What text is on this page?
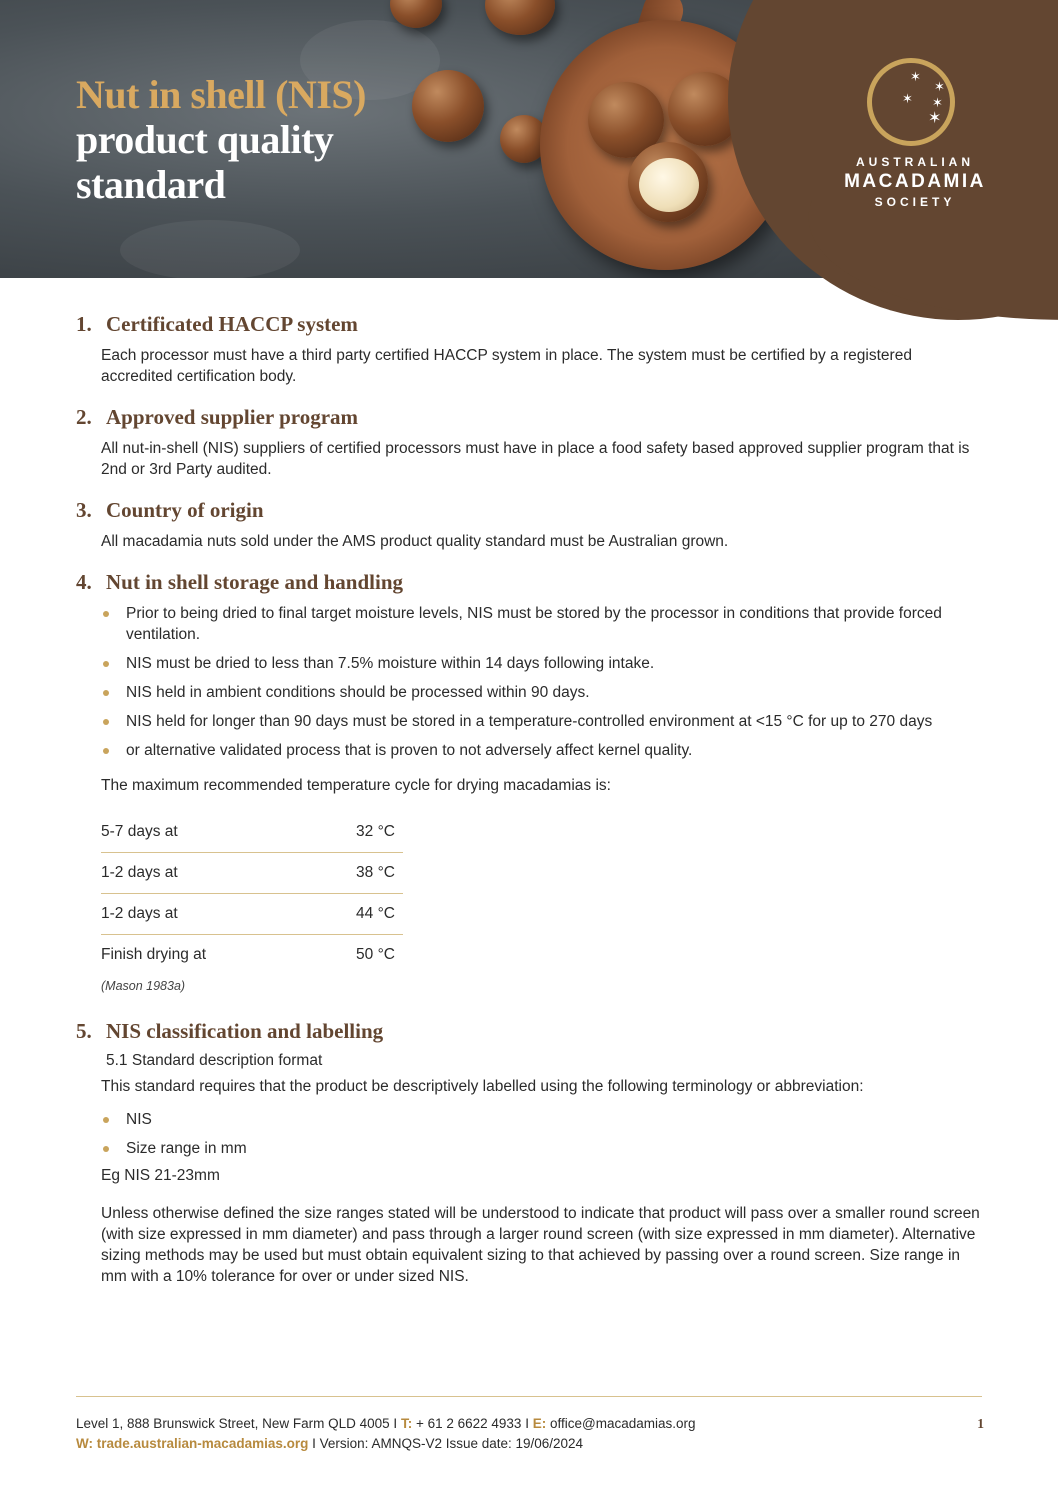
Nut in shell (NIS)
product quality
standard
✶
✶
✶ ✶
✶
AUSTRALIAN
MACADAMIA
SOCIETY
1. Certificated HACCP system

Each processor must have a third party certified HACCP system in place. The system must be certified by a registered accredited certification body.

2. Approved supplier program

All nut-in-shell (NIS) suppliers of certified processors must have in place a food safety based approved supplier program that is 2nd or 3rd Party audited.

3. Country of origin

All macadamia nuts sold under the AMS product quality standard must be Australian grown.

4. Nut in shell storage and handling
Prior to being dried to final target moisture levels, NIS must be stored by the processor in conditions that provide forced ventilation.
NIS must be dried to less than 7.5% moisture within 14 days following intake.
NIS held in ambient conditions should be processed within 90 days.
NIS held for longer than 90 days must be stored in a temperature-controlled environment at <15 °C for up to 270 days
or alternative validated process that is proven to not adversely affect kernel quality.

The maximum recommended temperature cycle for drying macadamias is:

5-7 days at	32 °C
1-2 days at	38 °C
1-2 days at	44 °C
Finish drying at	50 °C

(Mason 1983a)

5. NIS classification and labelling

5.1 Standard description format

This standard requires that the product be descriptively labelled using the following terminology or abbreviation:

NIS
Size range in mm

Eg NIS 21-23mm

Unless otherwise defined the size ranges stated will be understood to indicate that product will pass over a smaller round screen (with size expressed in mm diameter) and pass through a larger round screen (with size expressed in mm diameter). Alternative sizing methods may be used but must obtain equivalent sizing to that achieved by passing over a round screen. Size range in mm with a 10% tolerance for over or under sized NIS.

Level 1, 888 Brunswick Street, New Farm QLD 4005 I T: + 61 2 6622 4933 I E: office@macadamias.org
W: trade.australian-macadamias.org I Version: AMNQS-V2 Issue date: 19/06/2024
1
